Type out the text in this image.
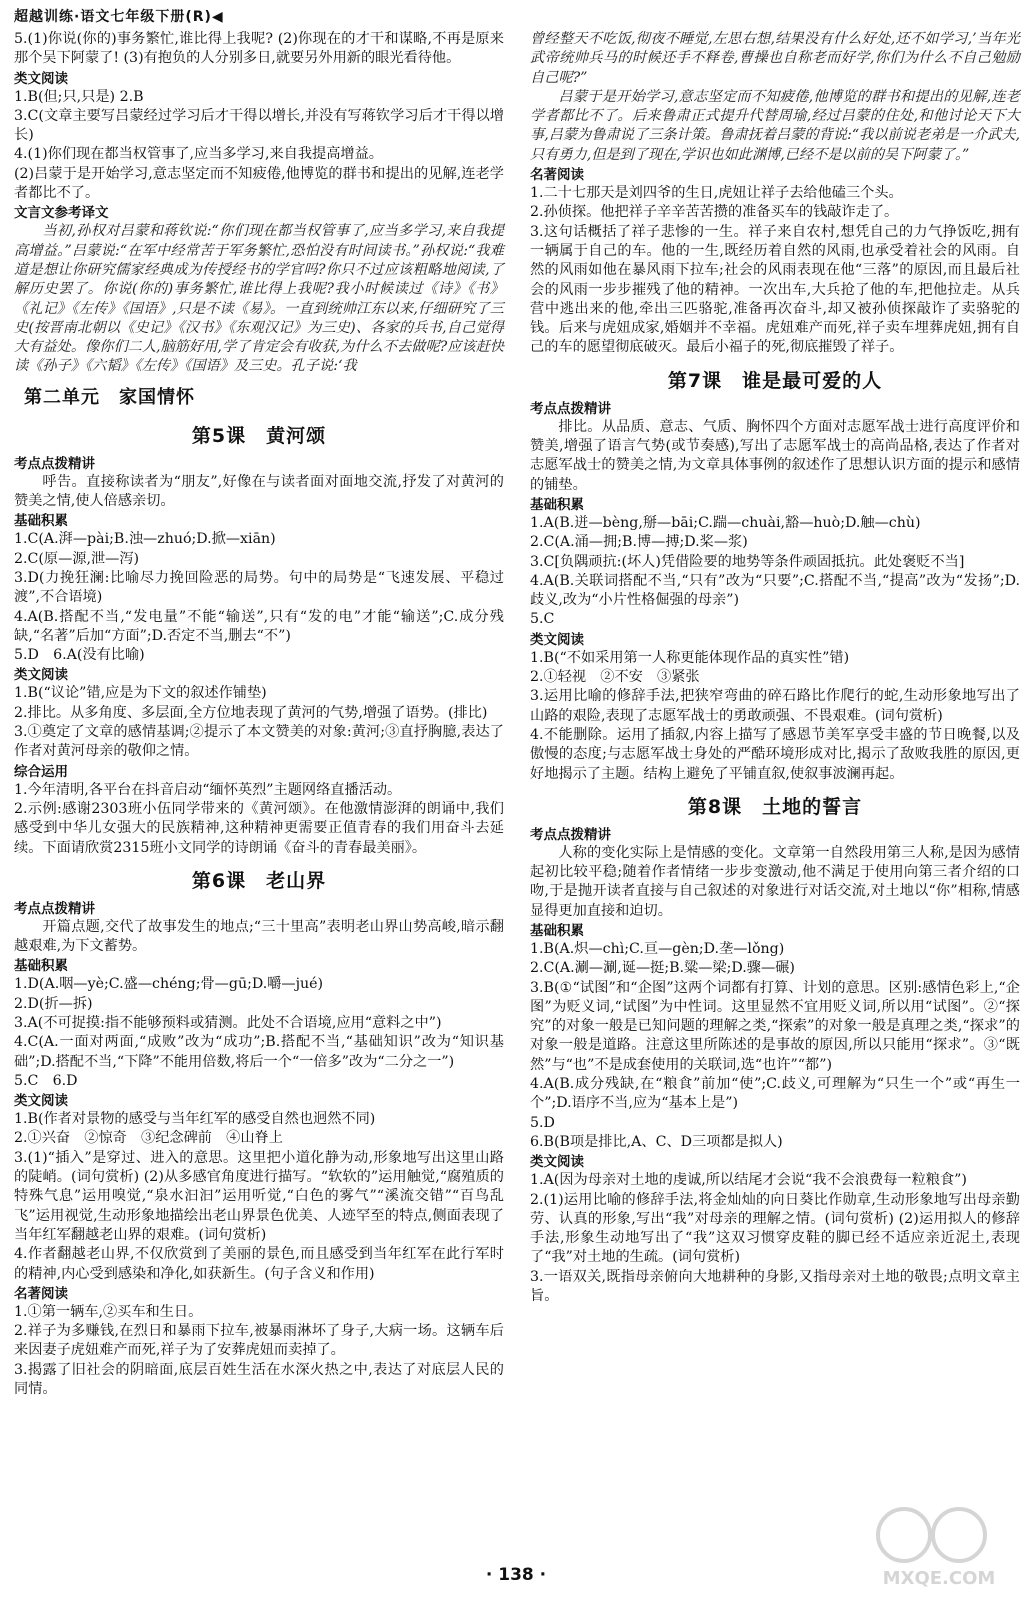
超越训练·语文七年级下册(R)◀

5.(1)你说(你的)事务繁忙,谁比得上我呢? (2)你现在的才干和谋略,不再是原来那个吴下阿蒙了! (3)有抱负的人分别多日,就要另外用新的眼光看待他。

类文阅读

1.B(但;只,只是) 2.B

3.C(文章主要写吕蒙经过学习后才干得以增长,并没有写蒋钦学习后才干得以增长)

4.(1)你们现在都当权管事了,应当多学习,来自我提高增益。

(2)吕蒙于是开始学习,意志坚定而不知疲倦,他博览的群书和提出的见解,连老学者都比不了。

文言文参考译文

当初,孙权对吕蒙和蒋钦说:“你们现在都当权管事了,应当多学习,来自我提高增益。”吕蒙说:“在军中经常苦于军务繁忙,恐怕没有时间读书。”孙权说:“我难道是想让你研究儒家经典成为传授经书的学官吗?你只不过应该粗略地阅读,了解历史罢了。你说(你的)事务繁忙,谁比得上我呢?我小时候读过《诗》《书》《礼记》《左传》《国语》,只是不读《易》。一直到统帅江东以来,仔细研究了三史(按晋南北朝以《史记》《汉书》《东观汉记》为三史)、各家的兵书,自己觉得大有益处。像你们二人,脑筋好用,学了肯定会有收获,为什么不去做呢?应该赶快读《孙子》《六韬》《左传》《国语》及三史。孔子说:‘我

第二单元　家国情怀
第5课　黄河颂
考点点拨精讲

呼告。直接称读者为“朋友”,好像在与读者面对面地交流,抒发了对黄河的赞美之情,使人倍感亲切。

基础积累

1.C(A.湃—pài;B.浊—zhuó;D.掀—xiān)

2.C(原—源,泄—泻)

3.D(力挽狂澜:比喻尽力挽回险恶的局势。句中的局势是“飞速发展、平稳过渡”,不合语境)

4.A(B.搭配不当,“发电量”不能“输送”,只有“发的电”才能“输送”;C.成分残缺,“名著”后加“方面”;D.否定不当,删去“不”)

5.D　6.A(没有比喻)

类文阅读

1.B(“议论”错,应是为下文的叙述作铺垫)

2.排比。从多角度、多层面,全方位地表现了黄河的气势,增强了语势。(排比)

3.①奠定了文章的感情基调;②提示了本文赞美的对象:黄河;③直抒胸臆,表达了作者对黄河母亲的敬仰之情。

综合运用

1.今年清明,各平台在抖音启动“缅怀英烈”主题网络直播活动。

2.示例:感谢2303班小伍同学带来的《黄河颂》。在他激情澎湃的朗诵中,我们感受到中华儿女强大的民族精神,这种精神更需要正值青春的我们用奋斗去延续。下面请欣赏2315班小文同学的诗朗诵《奋斗的青春最美丽》。

第6课　老山界
考点点拨精讲

开篇点题,交代了故事发生的地点;“三十里高”表明老山界山势高峻,暗示翻越艰难,为下文蓄势。

基础积累

1.D(A.咽—yè;C.盛—chéng;骨—gū;D.嚼—jué)

2.D(折—拆)

3.A(不可捉摸:指不能够预料或猜测。此处不合语境,应用“意料之中”)

4.C(A.一面对两面,“成败”改为“成功”;B.搭配不当,“基础知识”改为“知识基础”;D.搭配不当,“下降”不能用倍数,将后一个“一倍多”改为“二分之一”)

5.C　6.D

类文阅读

1.B(作者对景物的感受与当年红军的感受自然也迥然不同)

2.①兴奋　②惊奇　③纪念碑前　④山脊上

3.(1)“插入”是穿过、进入的意思。这里把小道化静为动,形象地写出这里山路的陡峭。(词句赏析) (2)从多感官角度进行描写。“软软的”运用触觉,“腐殖质的特殊气息”运用嗅觉,“泉水汩汩”运用听觉,“白色的雾气”“溪流交错”“百鸟乱飞”运用视觉,生动形象地描绘出老山界景色优美、人迹罕至的特点,侧面表现了当年红军翻越老山界的艰难。(词句赏析)

4.作者翻越老山界,不仅欣赏到了美丽的景色,而且感受到当年红军在此行军时的精神,内心受到感染和净化,如获新生。(句子含义和作用)

名著阅读

1.①第一辆车,②买车和生日。

2.祥子为多赚钱,在烈日和暴雨下拉车,被暴雨淋坏了身子,大病一场。这辆车后来因妻子虎妞难产而死,祥子为了安葬虎妞而卖掉了。

3.揭露了旧社会的阴暗面,底层百姓生活在水深火热之中,表达了对底层人民的同情。

曾经整天不吃饭,彻夜不睡觉,左思右想,结果没有什么好处,还不如学习,’当年光武帝统帅兵马的时候还手不释卷,曹操也自称老而好学,你们为什么不自己勉励自己呢?”

吕蒙于是开始学习,意志坚定而不知疲倦,他博览的群书和提出的见解,连老学者都比不了。后来鲁肃正式提升代替周瑜,经过吕蒙的住处,和他讨论天下大事,吕蒙为鲁肃说了三条计策。鲁肃抚着吕蒙的背说:“我以前说老弟是一介武夫,只有勇力,但是到了现在,学识也如此渊博,已经不是以前的吴下阿蒙了。”

名著阅读

1.二十七那天是刘四爷的生日,虎妞让祥子去给他磕三个头。

2.孙侦探。他把祥子辛辛苦苦攒的准备买车的钱敲诈走了。

3.这句话概括了祥子悲惨的一生。祥子来自农村,想凭自己的力气挣饭吃,拥有一辆属于自己的车。他的一生,既经历着自然的风雨,也承受着社会的风雨。自然的风雨如他在暴风雨下拉车;社会的风雨表现在他“三落”的原因,而且最后社会的风雨一步步摧残了他的精神。一次出车,大兵抢了他的车,把他拉走。从兵营中逃出来的他,牵出三匹骆驼,准备再次奋斗,却又被孙侦探敲诈了卖骆驼的钱。后来与虎妞成家,婚姻并不幸福。虎妞难产而死,祥子卖车埋葬虎妞,拥有自己的车的愿望彻底破灭。最后小福子的死,彻底摧毁了祥子。

第7课　谁是最可爱的人
考点点拨精讲

排比。从品质、意志、气质、胸怀四个方面对志愿军战士进行高度评价和赞美,增强了语言气势(或节奏感),写出了志愿军战士的高尚品格,表达了作者对志愿军战士的赞美之情,为文章具体事例的叙述作了思想认识方面的提示和感情的铺垫。

基础积累

1.A(B.迸—bèng,掰—bāi;C.踹—chuài,豁—huò;D.触—chù)

2.C(A.涌—拥;B.博—搏;D.桨—浆)

3.C[负隅顽抗:(坏人)凭借险要的地势等条件顽固抵抗。此处褒贬不当]

4.A(B.关联词搭配不当,“只有”改为“只要”;C.搭配不当,“提高”改为“发扬”;D.歧义,改为“小片性格倔强的母亲”)

5.C

类文阅读

1.B(“不如采用第一人称更能体现作品的真实性”错)

2.①轻视　②不安　③紧张

3.运用比喻的修辞手法,把狭窄弯曲的碎石路比作爬行的蛇,生动形象地写出了山路的艰险,表现了志愿军战士的勇敢顽强、不畏艰难。(词句赏析)

4.不能删除。运用了插叙,内容上描写了感恩节美军享受丰盛的节日晚餐,以及傲慢的态度;与志愿军战士身处的严酷环境形成对比,揭示了敌败我胜的原因,更好地揭示了主题。结构上避免了平铺直叙,使叙事波澜再起。

第8课　土地的誓言
考点点拨精讲

人称的变化实际上是情感的变化。文章第一自然段用第三人称,是因为感情起初比较平稳;随着作者情绪一步步变激动,他不满足于使用向第三者介绍的口吻,于是抛开读者直接与自己叙述的对象进行对话交流,对土地以“你”相称,情感显得更加直接和迫切。

基础积累

1.B(A.炽—chì;C.亘—gèn;D.垄—lǒng)

2.C(A.涮—涮,诞—挺;B.粱—梁;D.骤—碾)

3.B(①“试图”和“企图”这两个词都有打算、计划的意思。区别:感情色彩上,“企图”为贬义词,“试图”为中性词。这里显然不宜用贬义词,所以用“试图”。②“探究”的对象一般是已知问题的理解之类,“探索”的对象一般是真理之类,“探求”的对象一般是道路。注意这里所陈述的是事故的原因,所以只能用“探求”。③“既然”与“也”不是成套使用的关联词,选“也许”“都”)

4.A(B.成分残缺,在“粮食”前加“使”;C.歧义,可理解为“只生一个”或“再生一个”;D.语序不当,应为“基本上是”)

5.D

6.B(B项是排比,A、C、D三项都是拟人)

类文阅读

1.A(因为母亲对土地的虔诚,所以结尾才会说“我不会浪费每一粒粮食”)

2.(1)运用比喻的修辞手法,将金灿灿的向日葵比作勋章,生动形象地写出母亲勤劳、认真的形象,写出“我”对母亲的理解之情。(词句赏析) (2)运用拟人的修辞手法,形象生动地写出了“我”这双习惯穿皮鞋的脚已经不适应亲近泥土,表现了“我”对土地的生疏。(词句赏析)

3.一语双关,既指母亲俯向大地耕种的身影,又指母亲对土地的敬畏;点明文章主旨。

MXQE.COM
· 138 ·
